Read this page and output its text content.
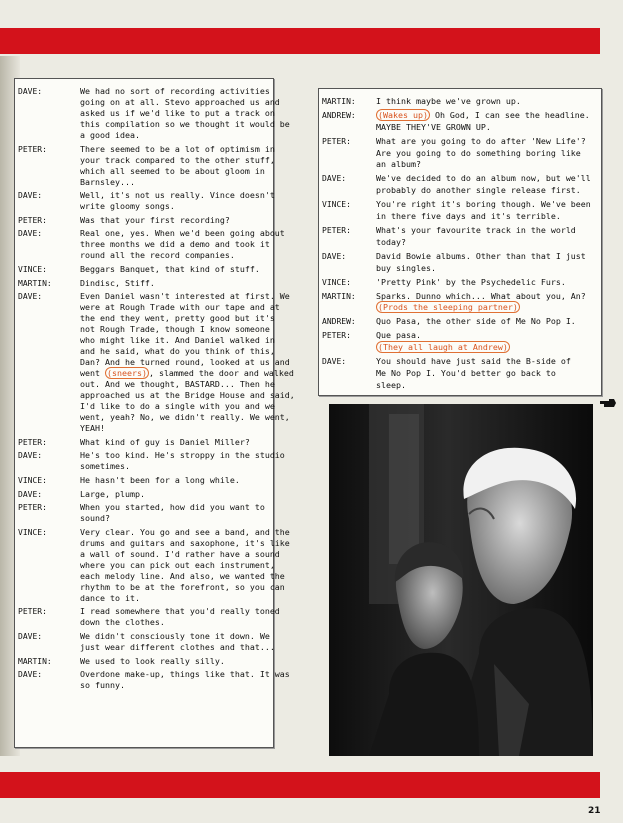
21
DAVE:	We had no sort of recording activities
going on at all. Stevo approached us and
asked us if we'd like to put a track on
this compilation so we thought it would be
a good idea.
PETER:	There seemed to be a lot of optimism in
your track compared to the other stuff,
which all seemed to be about gloom in
Barnsley...
DAVE:	Well, it's not us really. Vince doesn't
write gloomy songs.
PETER:	Was that your first recording?
DAVE:	Real one, yes. When we'd been going about
three months we did a demo and took it
round all the record companies.
VINCE:	Beggars Banquet, that kind of stuff.
MARTIN:	Dindisc, Stiff.
DAVE:	Even Daniel wasn't interested at first. We
were at Rough Trade with our tape and at
the end they went, pretty good but it's
not Rough Trade, though I know someone
who might like it. And Daniel walked in
and he said, what do you think of this,
Dan? And he turned round, looked at us and
went (sneers) , slammed the door and walked
out. And we thought, BASTARD... Then he
approached us at the Bridge House and said,
I'd like to do a single with you and we
went, yeah? No, we didn't really. We went,
YEAH!
PETER:	What kind of guy is Daniel Miller?
DAVE:	He's too kind. He's stroppy in the studio
sometimes.
VINCE:	He hasn't been for a long while.
DAVE:	Large, plump.
PETER:	When you started, how did you want to
sound?
VINCE:	Very clear. You go and see a band, and the
drums and guitars and saxophone, it's like
a wall of sound. I'd rather have a sound
where you can pick out each instrument,
each melody line. And also, we wanted the
rhythm to be at the forefront, so you can
dance to it.
PETER:	I read somewhere that you'd really toned
down the clothes.
DAVE:	We didn't consciously tone it down. We
just wear different clothes and that...
MARTIN:	We used to look really silly.
DAVE:	Overdone make-up, things like that. It was
so funny.
MARTIN: I think maybe we've grown up.
ANDREW:	(Wakes up) Oh God, I can see the headline.
MAYBE THEY'VE GROWN UP.
PETER:	What are you going to do after 'New Life'?
Are you going to do something boring like
an album?
DAVE:	We've decided to do an album now, but we'll
probably do another single release first.
VINCE:	You're right it's boring though. We've been
in there five days and it's terrible.
PETER:	What's your favourite track in the world
today?
DAVE:	David Bowie albums. Other than that I just
buy singles.
VINCE:	'Pretty Pink' by the Psychedelic Furs.
MARTIN: Sparks. Dunno which... What about you, An?
(Prods the sleeping partner)
ANDREW: Quo Pasa, the other side of Me No Pop I.
PETER:	Que pasa.
(They all laugh at Andrew)
DAVE:	You should have just said the B-side of
Me No Pop I. You'd better go back to
sleep.
